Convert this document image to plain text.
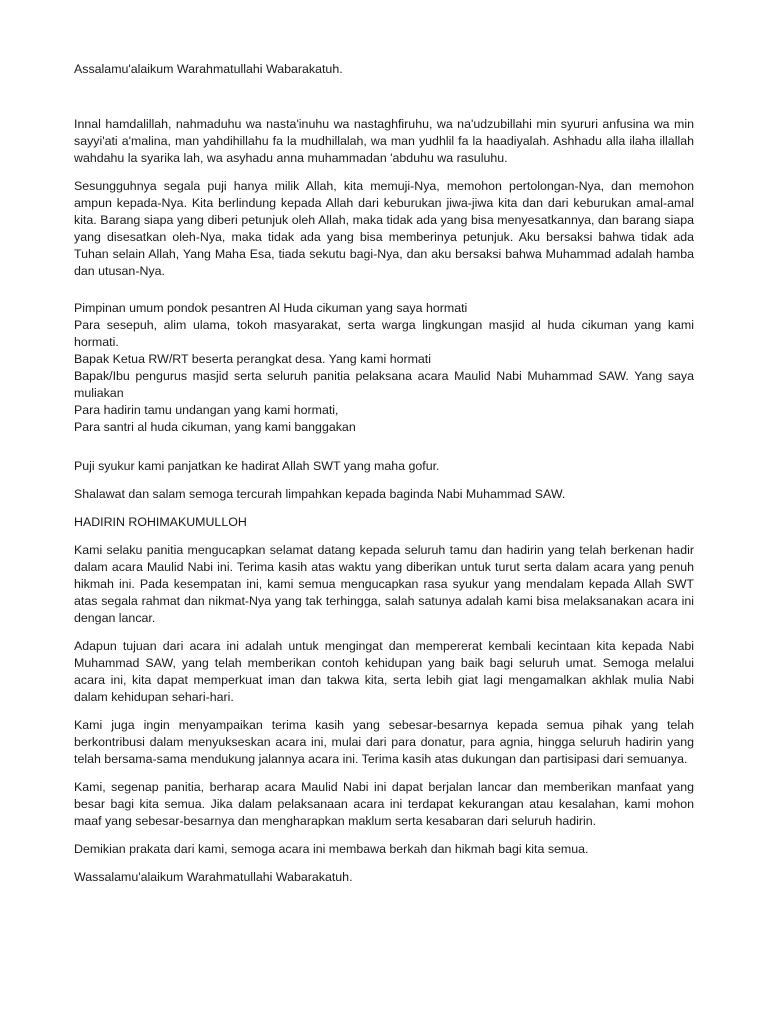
Assalamu'alaikum Warahmatullahi Wabarakatuh.

Innal hamdalillah, nahmaduhu wa nasta'inuhu wa nastaghfiruhu, wa na'udzubillahi min syururi anfusina wa min sayyi'ati a'malina, man yahdihillahu fa la mudhillalah, wa man yudhlil fa la haadiyalah. Ashhadu alla ilaha illallah wahdahu la syarika lah, wa asyhadu anna muhammadan 'abduhu wa rasuluhu.

Sesungguhnya segala puji hanya milik Allah, kita memuji-Nya, memohon pertolongan-Nya, dan memohon ampun kepada-Nya. Kita berlindung kepada Allah dari keburukan jiwa-jiwa kita dan dari keburukan amal-amal kita. Barang siapa yang diberi petunjuk oleh Allah, maka tidak ada yang bisa menyesatkannya, dan barang siapa yang disesatkan oleh-Nya, maka tidak ada yang bisa memberinya petunjuk. Aku bersaksi bahwa tidak ada Tuhan selain Allah, Yang Maha Esa, tiada sekutu bagi-Nya, dan aku bersaksi bahwa Muhammad adalah hamba dan utusan-Nya.

Pimpinan umum pondok pesantren Al Huda cikuman yang saya hormati

Para sesepuh, alim ulama, tokoh masyarakat, serta warga lingkungan masjid al huda cikuman yang kami hormati.

Bapak Ketua RW/RT beserta perangkat desa. Yang kami hormati

Bapak/Ibu pengurus masjid serta seluruh panitia pelaksana acara Maulid Nabi Muhammad SAW. Yang saya muliakan

Para hadirin tamu undangan yang kami hormati,

Para santri al huda cikuman, yang kami banggakan

Puji syukur kami panjatkan ke hadirat Allah SWT yang maha gofur.

Shalawat dan salam semoga tercurah limpahkan kepada baginda Nabi Muhammad SAW.

HADIRIN ROHIMAKUMULLOH

Kami selaku panitia mengucapkan selamat datang kepada seluruh tamu dan hadirin yang telah berkenan hadir dalam acara Maulid Nabi ini. Terima kasih atas waktu yang diberikan untuk turut serta dalam acara yang penuh hikmah ini. Pada kesempatan ini, kami semua mengucapkan rasa syukur yang mendalam kepada Allah SWT atas segala rahmat dan nikmat-Nya yang tak terhingga, salah satunya adalah kami bisa melaksanakan acara ini dengan lancar.

Adapun tujuan dari acara ini adalah untuk mengingat dan mempererat kembali kecintaan kita kepada Nabi Muhammad SAW, yang telah memberikan contoh kehidupan yang baik bagi seluruh umat. Semoga melalui acara ini, kita dapat memperkuat iman dan takwa kita, serta lebih giat lagi mengamalkan akhlak mulia Nabi dalam kehidupan sehari-hari.

Kami juga ingin menyampaikan terima kasih yang sebesar-besarnya kepada semua pihak yang telah berkontribusi dalam menyukseskan acara ini, mulai dari para donatur, para agnia, hingga seluruh hadirin yang telah bersama-sama mendukung jalannya acara ini. Terima kasih atas dukungan dan partisipasi dari semuanya.

Kami, segenap panitia, berharap acara Maulid Nabi ini dapat berjalan lancar dan memberikan manfaat yang besar bagi kita semua. Jika dalam pelaksanaan acara ini terdapat kekurangan atau kesalahan, kami mohon maaf yang sebesar-besarnya dan mengharapkan maklum serta kesabaran dari seluruh hadirin.

Demikian prakata dari kami, semoga acara ini membawa berkah dan hikmah bagi kita semua.

Wassalamu'alaikum Warahmatullahi Wabarakatuh.
